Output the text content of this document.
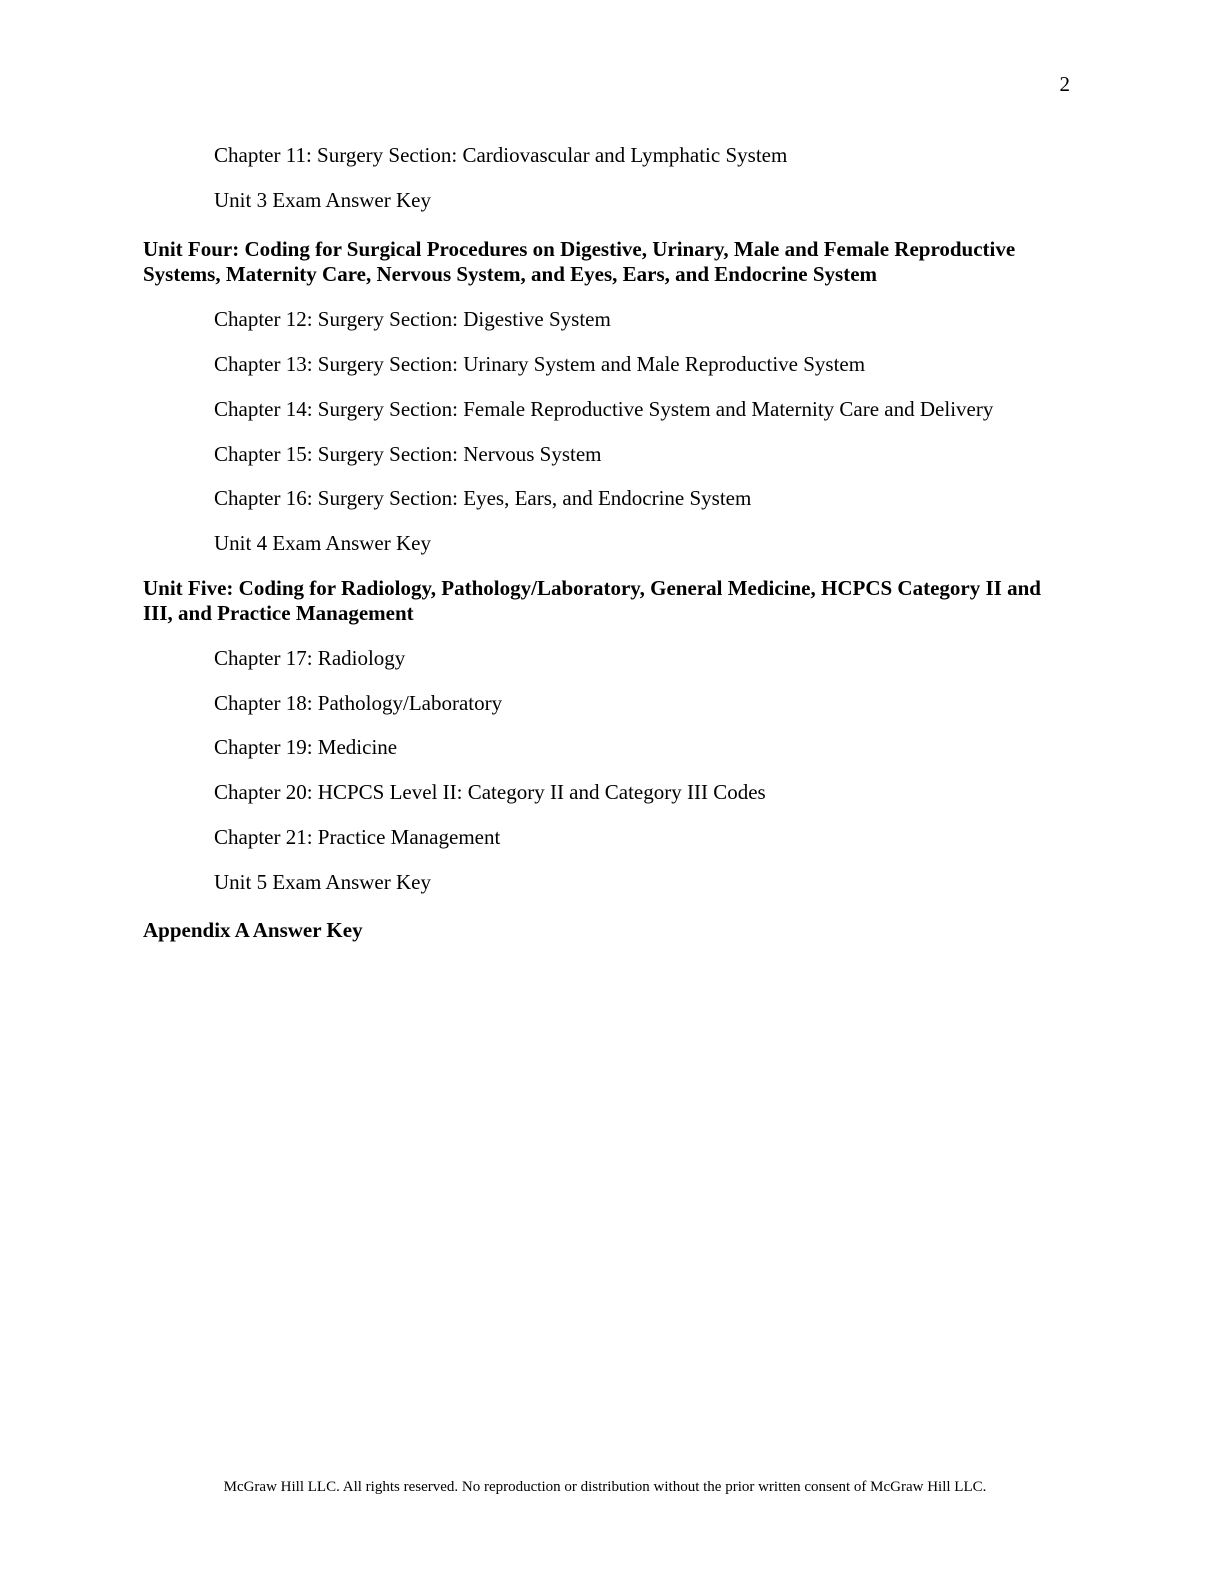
2
Chapter 11: Surgery Section: Cardiovascular and Lymphatic System
Unit 3 Exam Answer Key
Unit Four: Coding for Surgical Procedures on Digestive, Urinary, Male and Female Reproductive Systems, Maternity Care, Nervous System, and Eyes, Ears, and Endocrine System
Chapter 12: Surgery Section: Digestive System
Chapter 13: Surgery Section: Urinary System and Male Reproductive System
Chapter 14: Surgery Section: Female Reproductive System and Maternity Care and Delivery
Chapter 15: Surgery Section: Nervous System
Chapter 16: Surgery Section: Eyes, Ears, and Endocrine System
Unit 4 Exam Answer Key
Unit Five: Coding for Radiology, Pathology/Laboratory, General Medicine, HCPCS Category II and III, and Practice Management
Chapter 17: Radiology
Chapter 18: Pathology/Laboratory
Chapter 19: Medicine
Chapter 20: HCPCS Level II: Category II and Category III Codes
Chapter 21: Practice Management
Unit 5 Exam Answer Key
Appendix A Answer Key
McGraw Hill LLC. All rights reserved. No reproduction or distribution without the prior written consent of McGraw Hill LLC.
